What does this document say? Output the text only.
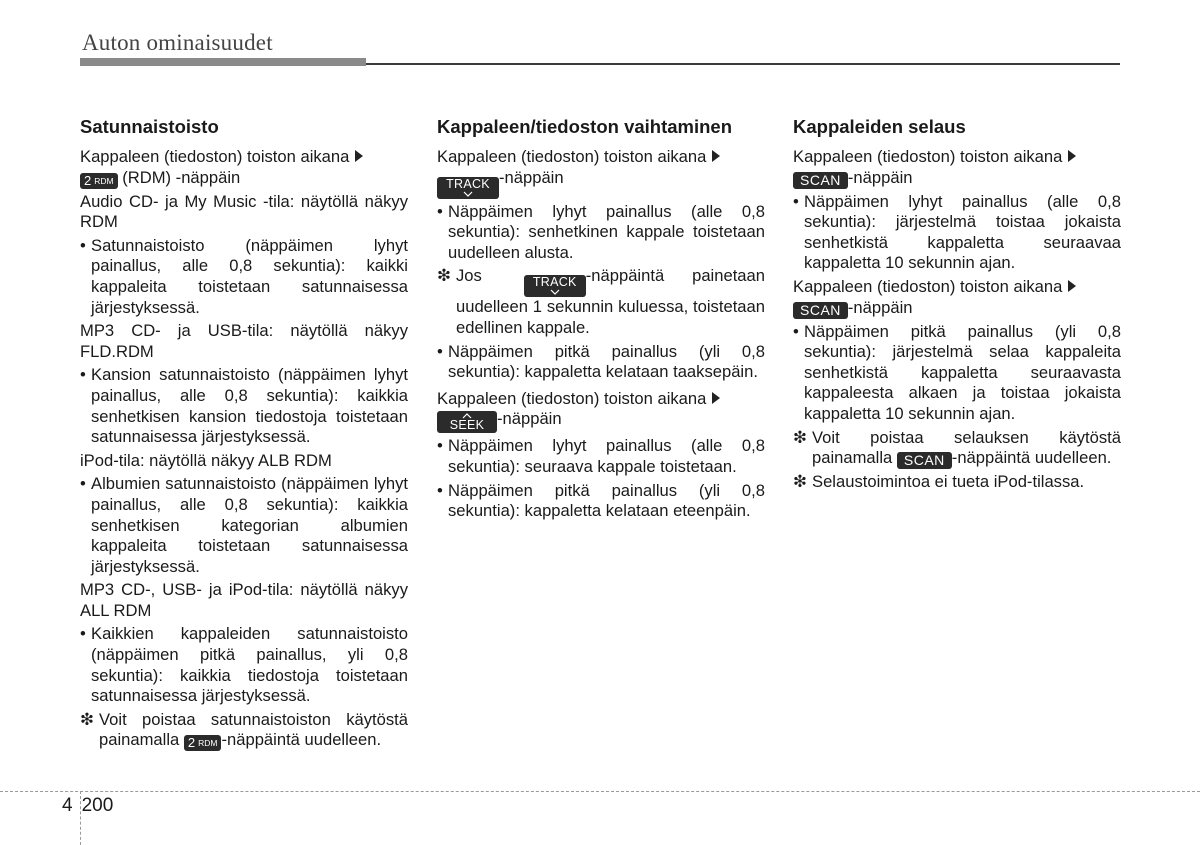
Auton ominaisuudet
Satunnaistoisto
Kappaleen (tiedoston) toiston aikana
2 RDM (RDM) -näppäin
Audio CD- ja My Music -tila: näytöllä näkyy RDM
• Satunnaistoisto (näppäimen lyhyt painallus, alle 0,8 sekuntia): kaikki kappaleita toistetaan satunnaisessa järjestyksessä.
MP3 CD- ja USB-tila: näytöllä näkyy FLD.RDM
• Kansion satunnaistoisto (näppäimen lyhyt painallus, alle 0,8 sekuntia): kaikkia senhetkisen kansion tiedostoja toistetaan satunnaisessa järjestyksessä.
iPod-tila: näytöllä näkyy ALB RDM
• Albumien satunnaistoisto (näppäimen lyhyt painallus, alle 0,8 sekuntia): kaikkia senhetkisen kategorian albumien kappaleita toistetaan satunnaisessa järjestyksessä.
MP3 CD-, USB- ja iPod-tila: näytöllä näkyy ALL RDM
• Kaikkien kappaleiden satunnaistoisto (näppäimen pitkä painallus, yli 0,8 sekuntia): kaikkia tiedostoja toistetaan satunnaisessa järjestyksessä.
❇ Voit poistaa satunnaistoiston käytöstä painamalla 2 RDM -näppäintä uudelleen.
Kappaleen/tiedoston vaihtaminen
Kappaleen (tiedoston) toiston aikana

TRACK -näppäin
• Näppäimen lyhyt painallus (alle 0,8 sekuntia): senhetkinen kappale toistetaan uudelleen alusta.
❇ Jos	TRACK -näppäintä painetaan uudelleen 1 sekunnin kuluessa, toistetaan edellinen kappale.
• Näppäimen pitkä painallus (yli 0,8 sekuntia): kappaletta kelataan taaksepäin.
Kappaleen (tiedoston) toiston aikana

SEEK -näppäin
• Näppäimen lyhyt painallus (alle 0,8 sekuntia): seuraava kappale toistetaan.
• Näppäimen pitkä painallus (yli 0,8 sekuntia): kappaletta kelataan eteenpäin.
Kappaleiden selaus
Kappaleen (tiedoston) toiston aikana
SCAN -näppäin
• Näppäimen lyhyt painallus (alle 0,8 sekuntia): järjestelmä toistaa jokaista senhetkistä kappaletta seuraavaa kappaletta 10 sekunnin ajan.
Kappaleen (tiedoston) toiston aikana
SCAN -näppäin
• Näppäimen pitkä painallus (yli 0,8 sekuntia): järjestelmä selaa kappaleita senhetkistä kappaletta seuraavasta kappaleesta alkaen ja toistaa jokaista kappaletta 10 sekunnin ajan.
❇ Voit poistaa selauksen käytöstä painamalla SCAN -näppäintä uudelleen.
❇ Selaustoimintoa ei tueta iPod-tilassa.
4 200
